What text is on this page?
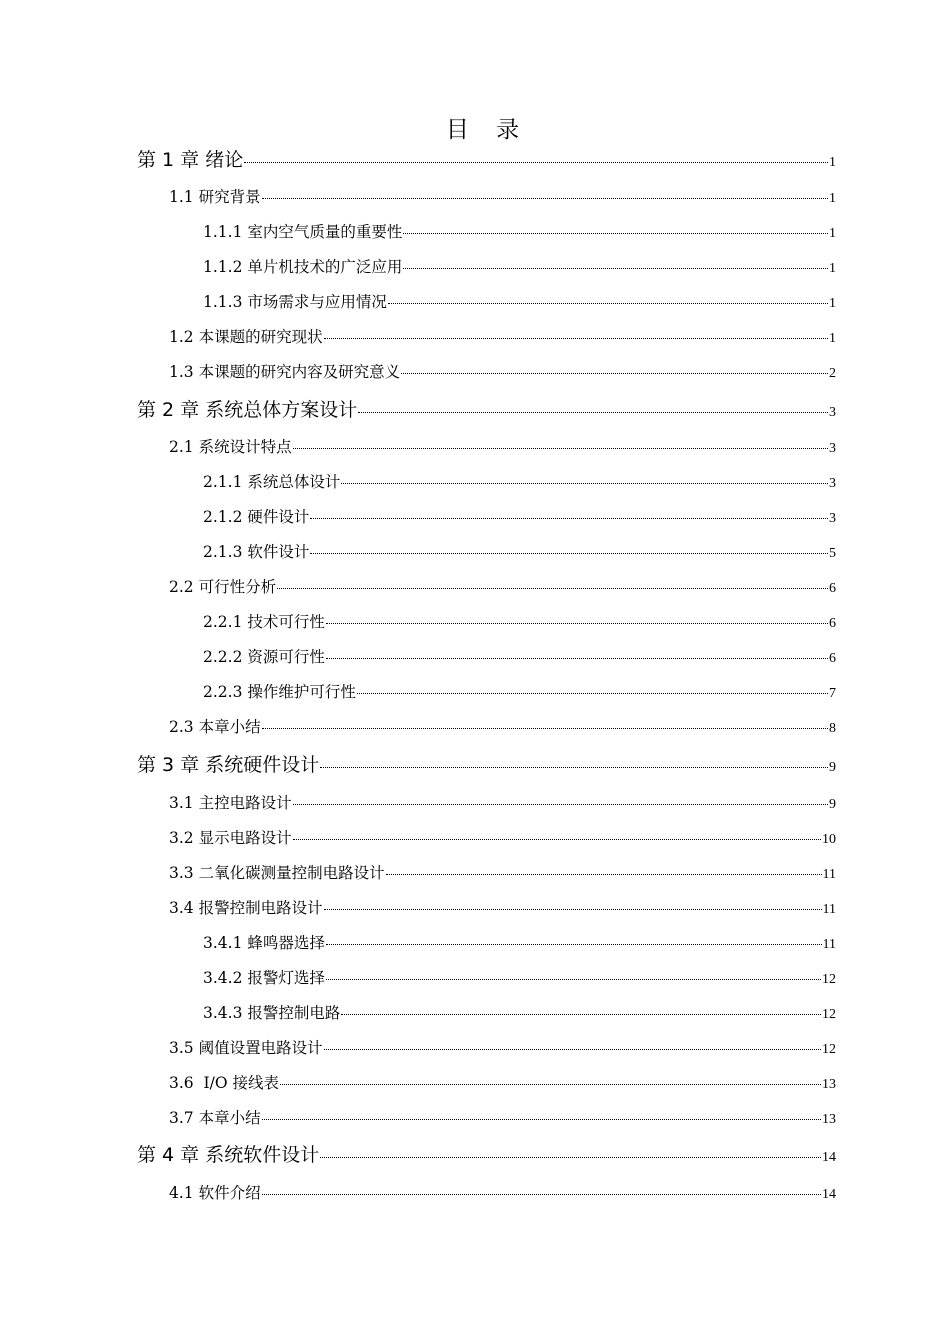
目 录
第 1 章 绪论	1
1.1 研究背景	1
1.1.1 室内空气质量的重要性	1
1.1.2 单片机技术的广泛应用	1
1.1.3 市场需求与应用情况	1
1.2 本课题的研究现状	1
1.3 本课题的研究内容及研究意义	2
第 2 章 系统总体方案设计	3
2.1 系统设计特点	3
2.1.1 系统总体设计	3
2.1.2 硬件设计	3
2.1.3 软件设计	5
2.2 可行性分析	6
2.2.1 技术可行性	6
2.2.2 资源可行性	6
2.2.3 操作维护可行性	7
2.3 本章小结	8
第 3 章 系统硬件设计	9
3.1 主控电路设计	9
3.2 显示电路设计	10
3.3 二氧化碳测量控制电路设计	11
3.4 报警控制电路设计	11
3.4.1 蜂鸣器选择	11
3.4.2 报警灯选择	12
3.4.3 报警控制电路	12
3.5 阈值设置电路设计	12
3.6  I/O 接线表	13
3.7 本章小结	13
第 4 章 系统软件设计	14
4.1 软件介绍	14
